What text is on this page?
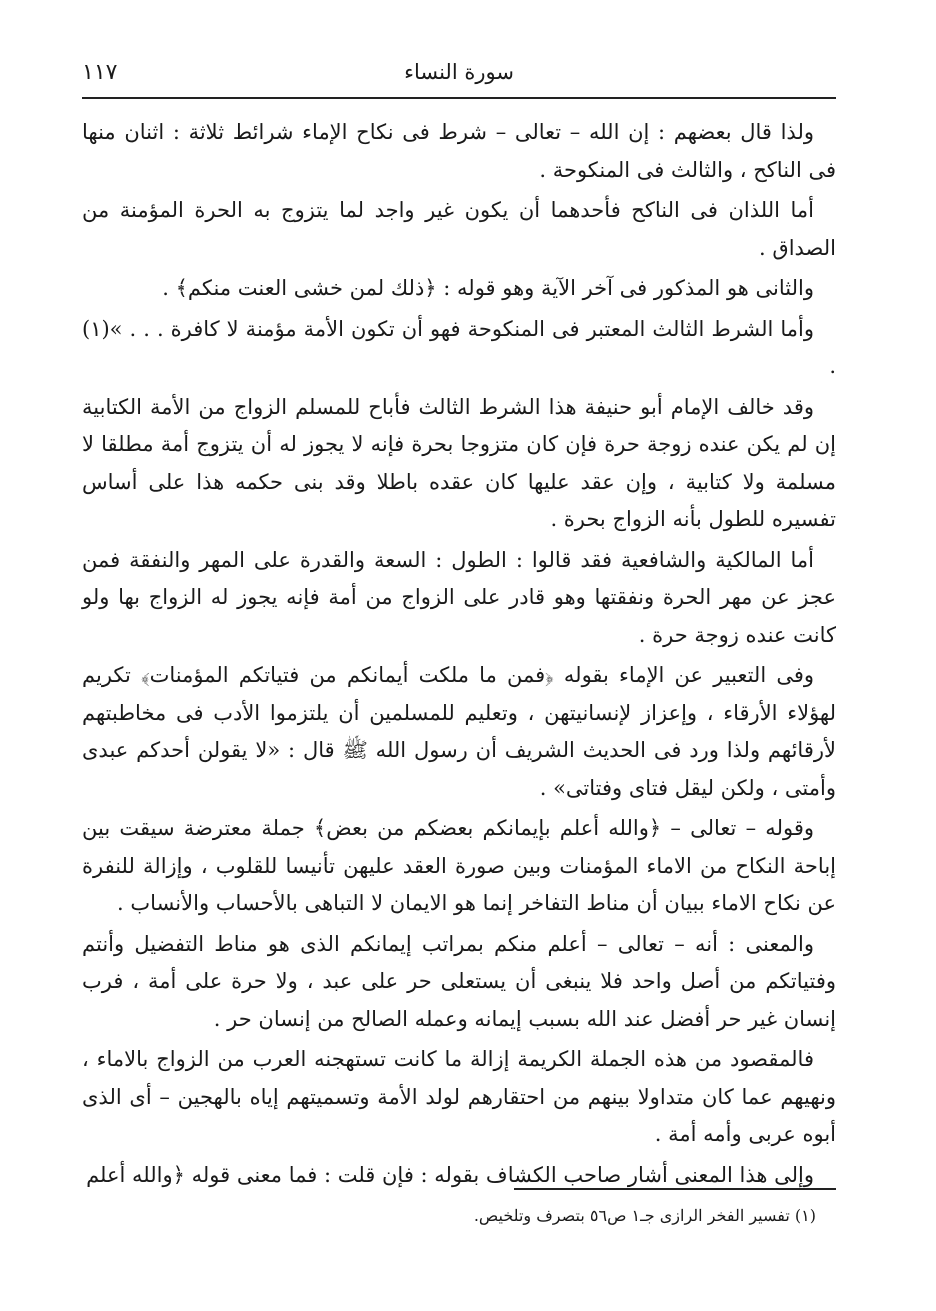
سورة النساء
١١٧

ولذا قال بعضهم : إن الله – تعالى – شرط فى نكاح الإماء شرائط ثلاثة : اثنان منها فى الناكح ، والثالث فى المنكوحة .

أما اللذان فى الناكح فأحدهما أن يكون غير واجد لما يتزوج به الحرة المؤمنة من الصداق .

والثانى هو المذكور فى آخر الآية وهو قوله : ﴿ذلك لمن خشى العنت منكم﴾ .

وأما الشرط الثالث المعتبر فى المنكوحة فهو أن تكون الأمة مؤمنة لا كافرة . . . »(١) .

وقد خالف الإمام أبو حنيفة هذا الشرط الثالث فأباح للمسلم الزواج من الأمة الكتابية إن لم يكن عنده زوجة حرة فإن كان متزوجا بحرة فإنه لا يجوز له أن يتزوج أمة مطلقا لا مسلمة ولا كتابية ، وإن عقد عليها كان عقده باطلا وقد بنى حكمه هذا على أساس تفسيره للطول بأنه الزواج بحرة .

أما المالكية والشافعية فقد قالوا : الطول : السعة والقدرة على المهر والنفقة فمن عجز عن مهر الحرة ونفقتها وهو قادر على الزواج من أمة فإنه يجوز له الزواج بها ولو كانت عنده زوجة حرة .

وفى التعبير عن الإماء بقوله ﴿فمن ما ملكت أيمانكم من فتياتكم المؤمنات﴾ تكريم لهؤلاء الأرقاء ، وإعزاز لإنسانيتهن ، وتعليم للمسلمين أن يلتزموا الأدب فى مخاطبتهم لأرقائهم ولذا ورد فى الحديث الشريف أن رسول الله ﷺ قال : «لا يقولن أحدكم عبدى وأمتى ، ولكن ليقل فتاى وفتاتى» .

وقوله – تعالى – ﴿والله أعلم بإيمانكم بعضكم من بعض﴾ جملة معترضة سيقت بين إباحة النكاح من الاماء المؤمنات وبين صورة العقد عليهن تأنيسا للقلوب ، وإزالة للنفرة عن نكاح الاماء ببيان أن مناط التفاخر إنما هو الايمان لا التباهى بالأحساب والأنساب .

والمعنى : أنه – تعالى – أعلم منكم بمراتب إيمانكم الذى هو مناط التفضيل وأنتم وفتياتكم من أصل واحد فلا ينبغى أن يستعلى حر على عبد ، ولا حرة على أمة ، فرب إنسان غير حر أفضل عند الله بسبب إيمانه وعمله الصالح من إنسان حر .

فالمقصود من هذه الجملة الكريمة إزالة ما كانت تستهجنه العرب من الزواج بالاماء ، ونهيهم عما كان متداولا بينهم من احتقارهم لولد الأمة وتسميتهم إياه بالهجين – أى الذى أبوه عربى وأمه أمة .

وإلى هذا المعنى أشار صاحب الكشاف بقوله : فإن قلت : فما معنى قوله ﴿والله أعلم

(١) تفسير الفخر الرازى جـ١ ص٥٦ بتصرف وتلخيص.
